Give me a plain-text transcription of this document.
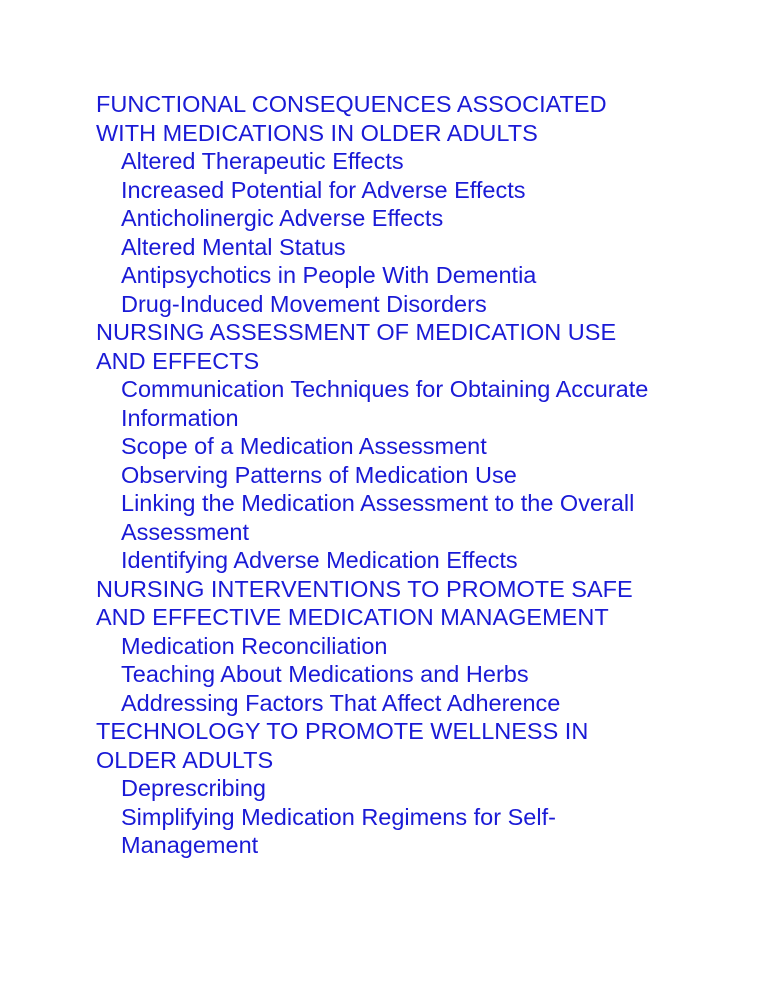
FUNCTIONAL CONSEQUENCES ASSOCIATED
WITH MEDICATIONS IN OLDER ADULTS
Altered Therapeutic Effects
Increased Potential for Adverse Effects
Anticholinergic Adverse Effects
Altered Mental Status
Antipsychotics in People With Dementia
Drug-Induced Movement Disorders
NURSING ASSESSMENT OF MEDICATION USE
AND EFFECTS
Communication Techniques for Obtaining Accurate
Information
Scope of a Medication Assessment
Observing Patterns of Medication Use
Linking the Medication Assessment to the Overall
Assessment
Identifying Adverse Medication Effects
NURSING INTERVENTIONS TO PROMOTE SAFE
AND EFFECTIVE MEDICATION MANAGEMENT
Medication Reconciliation
Teaching About Medications and Herbs
Addressing Factors That Affect Adherence
TECHNOLOGY TO PROMOTE WELLNESS IN
OLDER ADULTS
Deprescribing
Simplifying Medication Regimens for Self-
Management
